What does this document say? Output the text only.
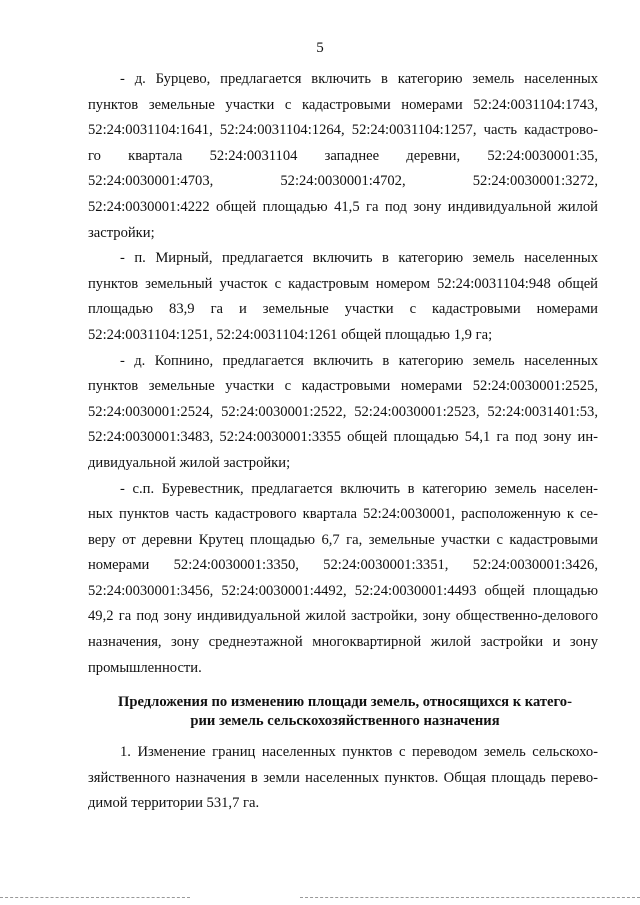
5
- д. Бурцево, предлагается включить в категорию земель населенных
пунктов земельные участки с кадастровыми номерами 52:24:0031104:1743,
52:24:0031104:1641, 52:24:0031104:1264, 52:24:0031104:1257, часть кадастрово-
го квартала 52:24:0031104 западнее деревни, 52:24:0030001:35,
52:24:0030001:4703, 52:24:0030001:4702, 52:24:0030001:3272,
52:24:0030001:4222 общей площадью 41,5 га под зону индивидуальной жилой
застройки;
- п. Мирный, предлагается включить в категорию земель населенных
пунктов земельный участок с кадастровым номером 52:24:0031104:948 общей
площадью 83,9 га и земельные участки с кадастровыми номерами
52:24:0031104:1251, 52:24:0031104:1261 общей площадью 1,9 га;
- д. Копнино, предлагается включить в категорию земель населенных
пунктов земельные участки с кадастровыми номерами 52:24:0030001:2525,
52:24:0030001:2524, 52:24:0030001:2522, 52:24:0030001:2523, 52:24:0031401:53,
52:24:0030001:3483, 52:24:0030001:3355 общей площадью 54,1 га под зону ин-
дивидуальной жилой застройки;
- с.п. Буревестник, предлагается включить в категорию земель населен-
ных пунктов часть кадастрового квартала 52:24:0030001, расположенную к се-
веру от деревни Крутец площадью 6,7 га, земельные участки с кадастровыми
номерами 52:24:0030001:3350, 52:24:0030001:3351, 52:24:0030001:3426,
52:24:0030001:3456, 52:24:0030001:4492, 52:24:0030001:4493 общей площадью
49,2 га под зону индивидуальной жилой застройки, зону общественно-делового
назначения, зону среднеэтажной многоквартирной жилой застройки и зону
промышленности.
Предложения по изменению площади земель, относящихся к катего-
рии земель сельскохозяйственного назначения
1. Изменение границ населенных пунктов с переводом земель сельскохо-
зяйственного назначения в земли населенных пунктов. Общая площадь перево-
димой территории 531,7 га.
